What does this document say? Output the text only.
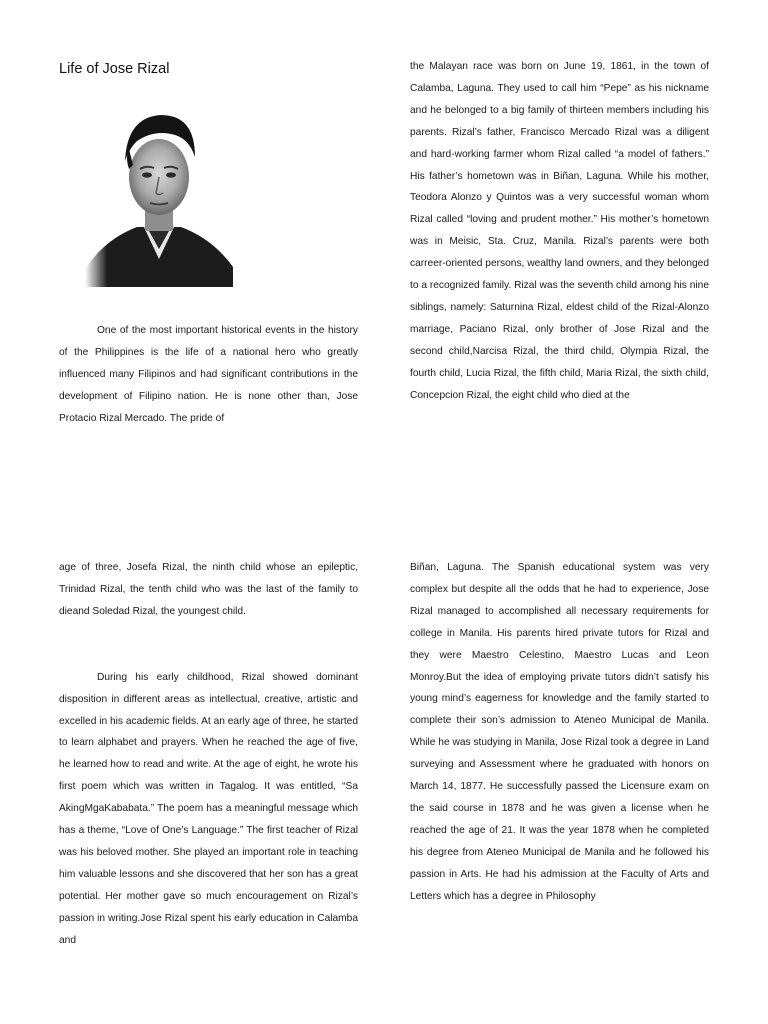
Life of Jose Rizal

One of the most important historical events in the history of the Philippines is the life of a national hero who greatly influenced many Filipinos and had significant contributions in the development of Filipino nation. He is none other than, Jose Protacio Rizal Mercado. The pride of

the Malayan race was born on June 19, 1861, in the town of Calamba, Laguna. They used to call him “Pepe” as his nickname and he belonged to a big family of thirteen members including his parents. Rizal’s father, Francisco Mercado Rizal was a diligent and hard-working farmer whom Rizal called “a model of fathers.” His father’s hometown was in Biñan, Laguna. While his mother, Teodora Alonzo y Quintos was a very successful woman whom Rizal called “loving and prudent mother.” His mother’s hometown was in Meisic, Sta. Cruz, Manila. Rizal’s parents were both carreer-oriented persons, wealthy land owners, and they belonged to a recognized family. Rizal was the seventh child among his nine siblings, namely: Saturnina Rizal, eldest child of the Rizal-Alonzo marriage, Paciano Rizal, only brother of Jose Rizal and the second child,Narcisa Rizal, the third child, Olympia Rizal, the fourth child, Lucia Rizal, the fifth child, Maria Rizal, the sixth child, Concepcion Rizal, the eight child who died at the

age of three, Josefa Rizal, the ninth child whose an epileptic, Trinidad Rizal, the tenth child who was the last of the family to dieand Soledad Rizal, the youngest child.

During his early childhood, Rizal showed dominant disposition in different areas as intellectual, creative, artistic and excelled in his academic fields. At an early age of three, he started to learn alphabet and prayers. When he reached the age of five, he learned how to read and write. At the age of eight, he wrote his first poem which was written in Tagalog. It was entitled, “Sa AkingMgaKababata.” The poem has a meaningful message which has a theme, “Love of One’s Language.” The first teacher of Rizal was his beloved mother. She played an important role in teaching him valuable lessons and she discovered that her son has a great potential. Her mother gave so much encouragement on Rizal’s passion in writing.Jose Rizal spent his early education in Calamba and

Biñan, Laguna. The Spanish educational system was very complex but despite all the odds that he had to experience, Jose Rizal managed to accomplished all necessary requirements for college in Manila. His parents hired private tutors for Rizal and they were Maestro Celestino, Maestro Lucas and Leon Monroy.But the idea of employing private tutors didn’t satisfy his young mind’s eagerness for knowledge and the family started to complete their son’s admission to Ateneo Municipal de Manila. While he was studying in Manila, Jose Rizal took a degree in Land surveying and Assessment where he graduated with honors on March 14, 1877. He successfully passed the Licensure exam on the said course in 1878 and he was given a license when he reached the age of 21. It was the year 1878 when he completed his degree from Ateneo Municipal de Manila and he followed his passion in Arts. He had his admission at the Faculty of Arts and Letters which has a degree in Philosophy
